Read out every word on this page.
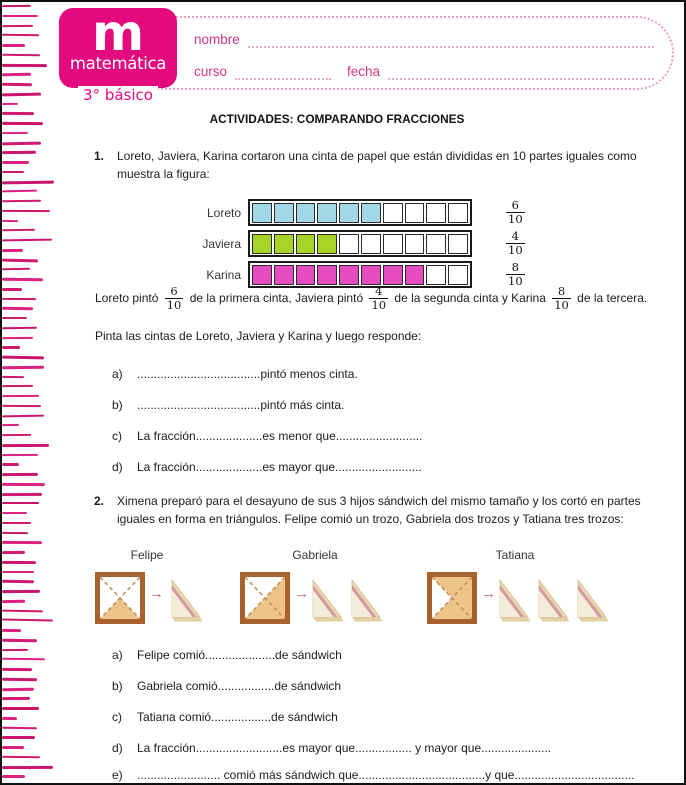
m
matemática
3° básico
nombre
curso	fecha
ACTIVIDADES: COMPARANDO FRACCIONES
1.	Loreto, Javiera, Karina cortaron una cinta de papel que están divididas en 10 partes iguales como muestra la figura:
Loreto	$\frac{6}{10}$
Javiera	$\frac{4}{10}$
Karina	$\frac{8}{10}$
Loreto pintó $\frac{6}{10}$ de la primera cinta, Javiera pintó $\frac{4}{10}$ de la segunda cinta y Karina $\frac{8}{10}$ de la tercera.
Pinta las cintas de Loreto, Javiera y Karina y luego responde:
a)	.....................................pintó menos cinta.
b)	.....................................pintó más cinta.
c)	La fracción....................es menor que..........................
d)	La fracción....................es mayor que..........................
2.	Ximena preparó para el desayuno de sus 3 hijos sándwich del mismo tamaño y los cortó en partes iguales en forma en triángulos. Felipe comió un trozo, Gabriela dos trozos y Tatiana tres trozos:
Felipe	Gabriela	Tatiana
→	→	→
a)	Felipe comió.....................de sándwich
b)	Gabriela comió.................de sándwich
c)	Tatiana comió..................de sándwich
d)	La fracción..........................es mayor que................. y mayor que.....................
e)	......................... comió más sándwich que......................................y que....................................
